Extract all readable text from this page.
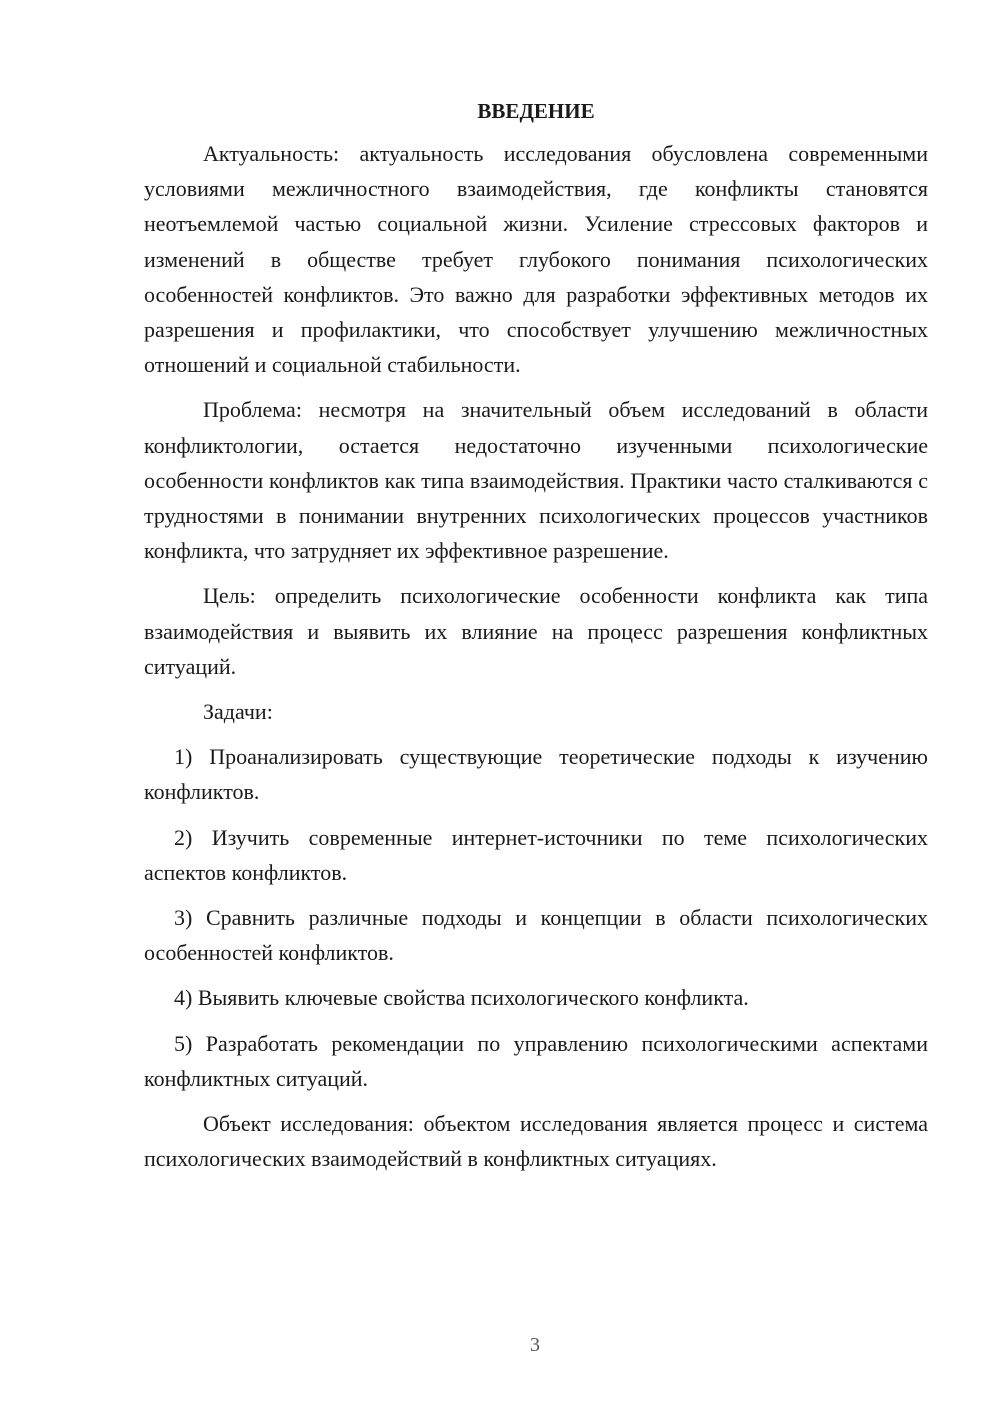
ВВЕДЕНИЕ

Актуальность: актуальность исследования обусловлена современными условиями межличностного взаимодействия, где конфликты становятся неотъемлемой частью социальной жизни. Усиление стрессовых факторов и изменений в обществе требует глубокого понимания психологических особенностей конфликтов. Это важно для разработки эффективных методов их разрешения и профилактики, что способствует улучшению межличностных отношений и социальной стабильности.

Проблема: несмотря на значительный объем исследований в области конфликтологии, остается недостаточно изученными психологические особенности конфликтов как типа взаимодействия. Практики часто сталкиваются с трудностями в понимании внутренних психологических процессов участников конфликта, что затрудняет их эффективное разрешение.

Цель: определить психологические особенности конфликта как типа взаимодействия и выявить их влияние на процесс разрешения конфликтных ситуаций.

Задачи:

1) Проанализировать существующие теоретические подходы к изучению конфликтов.

2) Изучить современные интернет-источники по теме психологических аспектов конфликтов.

3) Сравнить различные подходы и концепции в области психологических особенностей конфликтов.

4) Выявить ключевые свойства психологического конфликта.

5) Разработать рекомендации по управлению психологическими аспектами конфликтных ситуаций.

Объект исследования: объектом исследования является процесс и система психологических взаимодействий в конфликтных ситуациях.

3
